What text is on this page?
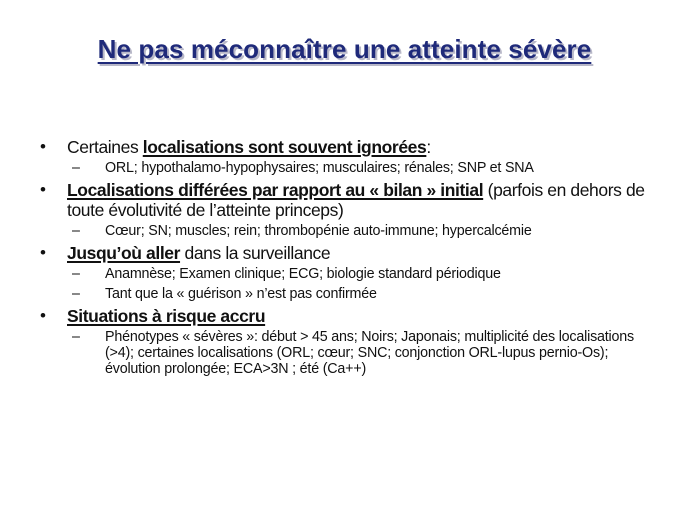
Ne pas méconnaître une atteinte sévère
• Certaines localisations sont souvent ignorées:
– ORL; hypothalamo-hypophysaires; musculaires; rénales; SNP et SNA
• Localisations différées par rapport au « bilan » initial (parfois en dehors de toute évolutivité de l’atteinte princeps)
– Cœur; SN; muscles; rein; thrombopénie auto-immune; hypercalcémie
• Jusqu’où aller dans la surveillance
– Anamnèse; Examen clinique; ECG; biologie standard périodique
– Tant que la « guérison » n’est pas confirmée
• Situations à risque accru
– Phénotypes « sévères »: début > 45 ans; Noirs; Japonais; multiplicité des localisations (>4); certaines localisations (ORL; cœur; SNC; conjonction ORL-lupus pernio-Os); évolution prolongée; ECA>3N ; été (Ca++)
